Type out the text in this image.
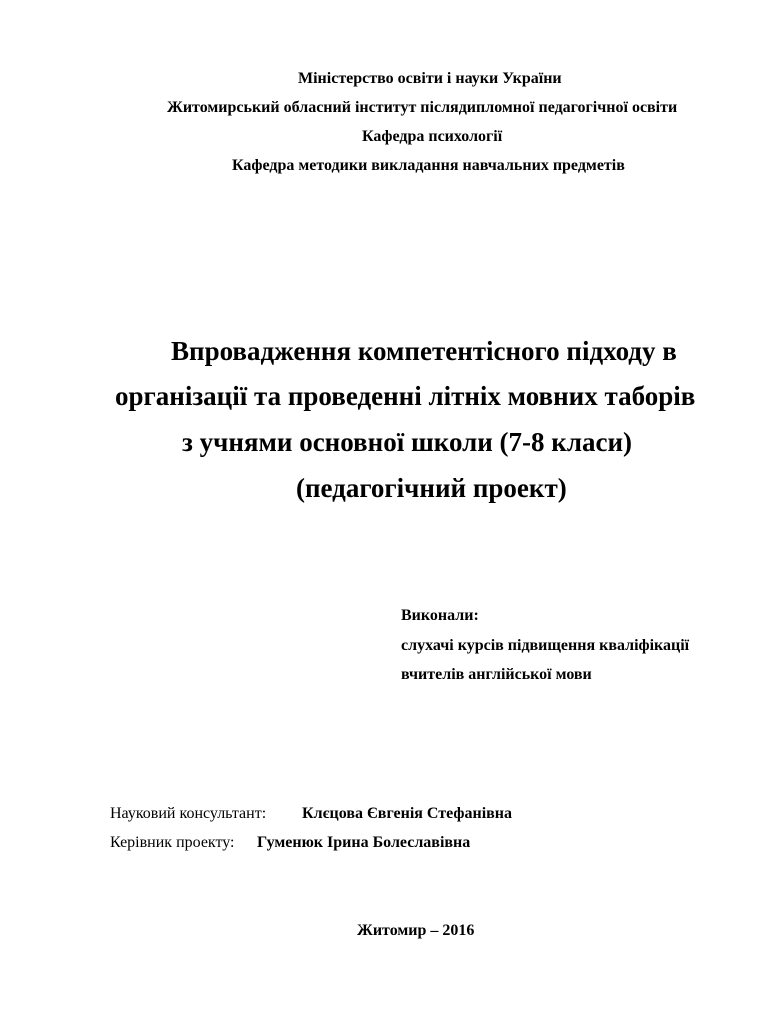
Міністерство освіти і науки України
Житомирський обласний інститут післядипломної педагогічної освіти
Кафедра психології
Кафедра методики викладання навчальних предметів
Впровадження компетентісного підходу в
організації та проведенні літніх мовних таборів
з учнями основної школи (7-8 класи)
(педагогічний проект)
Виконали:
слухачі курсів підвищення кваліфікації
вчителів англійської мови
Науковий консультант: Клєцова Євгенія Стефанівна
Керівник проекту: Гуменюк Ірина Болеславівна
Житомир – 2016
